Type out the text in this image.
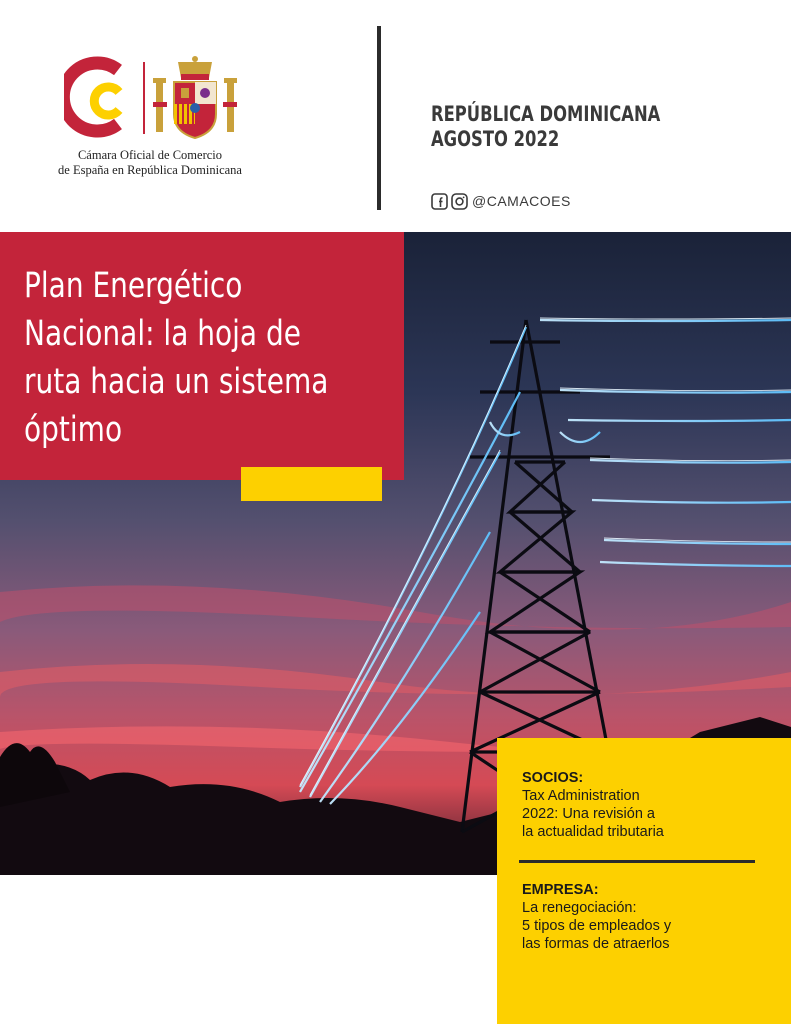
Cámara Oficial de Comercio
de España en República Dominicana
REPÚBLICA DOMINICANA
AGOSTO 2022
@CAMACOES
Plan Energético
Nacional: la hoja de
ruta hacia un sistema
óptimo
SOCIOS:
Tax Administration
2022: Una revisión a
la actualidad tributaria
EMPRESA:
La renegociación:
5 tipos de empleados y
las formas de atraerlos
